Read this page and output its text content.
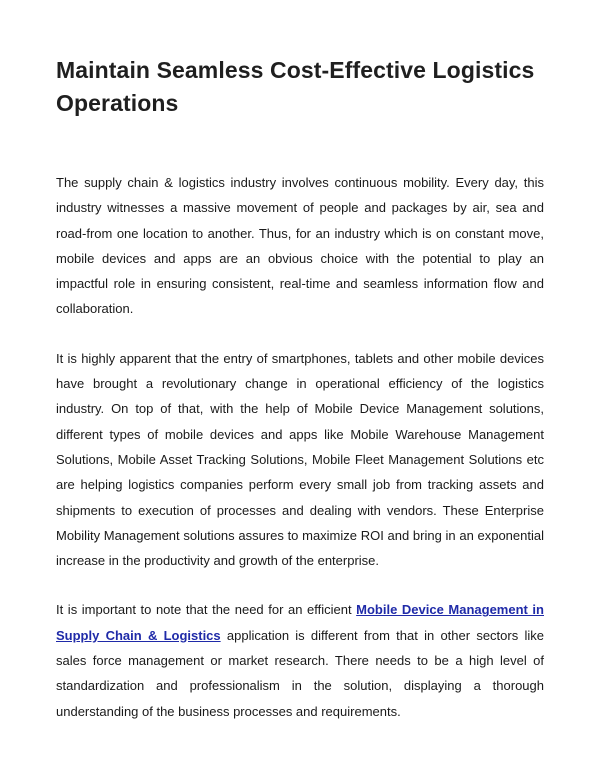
Maintain Seamless Cost-Effective Logistics Operations

The supply chain & logistics industry involves continuous mobility. Every day, this industry witnesses a massive movement of people and packages by air, sea and road-from one location to another. Thus, for an industry which is on constant move, mobile devices and apps are an obvious choice with the potential to play an impactful role in ensuring consistent, real-time and seamless information flow and collaboration.

It is highly apparent that the entry of smartphones, tablets and other mobile devices have brought a revolutionary change in operational efficiency of the logistics industry. On top of that, with the help of Mobile Device Management solutions, different types of mobile devices and apps like Mobile Warehouse Management Solutions, Mobile Asset Tracking Solutions, Mobile Fleet Management Solutions etc are helping logistics companies perform every small job from tracking assets and shipments to execution of processes and dealing with vendors. These Enterprise Mobility Management solutions assures to maximize ROI and bring in an exponential increase in the productivity and growth of the enterprise.

It is important to note that the need for an efficient Mobile Device Management in Supply Chain & Logistics application is different from that in other sectors like sales force management or market research. There needs to be a high level of standardization and professionalism in the solution, displaying a thorough understanding of the business processes and requirements.
